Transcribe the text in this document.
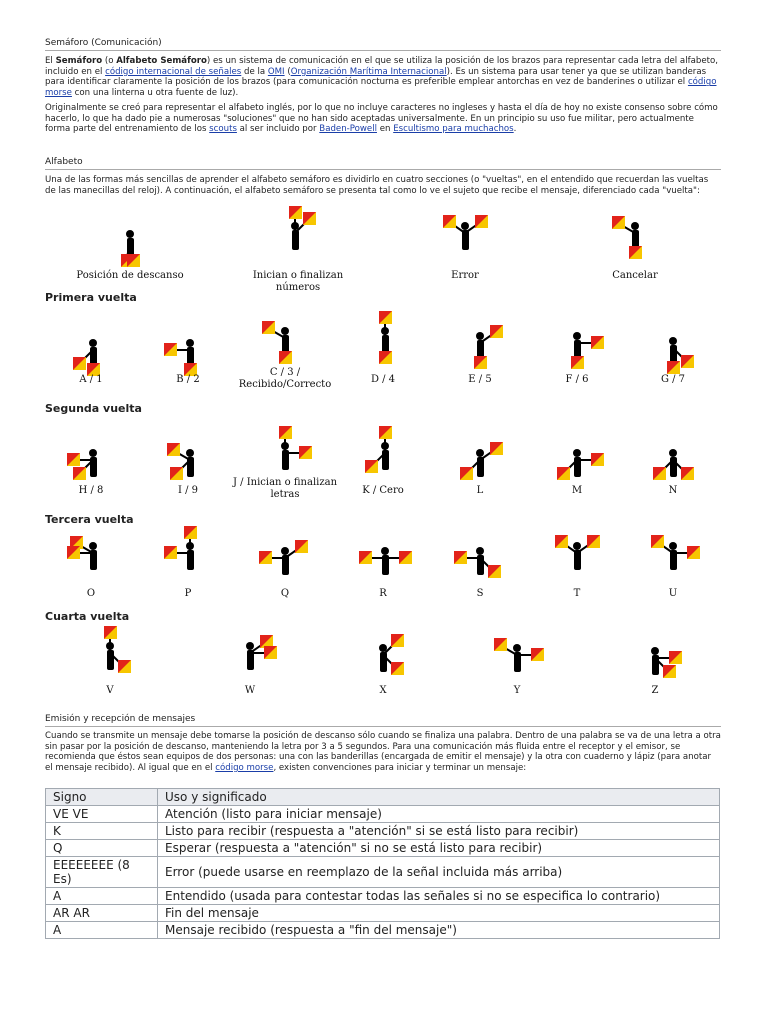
Semáforo (Comunicación)
El Semáforo (o Alfabeto Semáforo) es un sistema de comunicación en el que se utiliza la posición de los brazos para representar cada letra del alfabeto, incluido en el código internacional de señales de la OMI (Organización Marítima Internacional). Es un sistema para usar tener ya que se utilizan banderas para identificar claramente la posición de los brazos (para comunicación nocturna es preferible emplear antorchas en vez de banderines o utilizar el código morse con una linterna u otra fuente de luz).
Originalmente se creó para representar el alfabeto inglés, por lo que no incluye caracteres no ingleses y hasta el día de hoy no existe consenso sobre cómo hacerlo, lo que ha dado pie a numerosas "soluciones" que no han sido aceptadas universalmente. En un principio su uso fue militar, pero actualmente forma parte del entrenamiento de los scouts al ser incluido por Baden-Powell en Escultismo para muchachos.
Alfabeto
Una de las formas más sencillas de aprender el alfabeto semáforo es dividirlo en cuatro secciones (o "vueltas", en el entendido que recuerdan las vueltas de las manecillas del reloj). A continuación, el alfabeto semáforo se presenta tal como lo ve el sujeto que recibe el mensaje, diferenciado cada "vuelta":
Posición de descanso	Inician o finalizan números
Error	Cancelar
A / 1	B / 2
C / 3 / Recibido/Correcto	D / 4	E / 5	F / 6	G / 7
H / 8	I / 9
J / Inician o finalizan letras	K / Cero	L	M	N
O	P	Q	R	S	T	U
V	W	X	Y	Z
Primera vuelta
Segunda vuelta
Tercera vuelta
Cuarta vuelta
Emisión y recepción de mensajes
Cuando se transmite un mensaje debe tomarse la posición de descanso sólo cuando se finaliza una palabra. Dentro de una palabra se va de una letra a otra sin pasar por la posición de descanso, manteniendo la letra por 3 a 5 segundos. Para una comunicación más fluida entre el receptor y el emisor, se recomienda que éstos sean equipos de dos personas: una con las banderillas (encargada de emitir el mensaje) y la otra con cuaderno y lápiz (para anotar el mensaje recibido). Al igual que en el código morse, existen convenciones para iniciar y terminar un mensaje:
Signo	Uso y significado
VE VE	Atención (listo para iniciar mensaje)
K	Listo para recibir (respuesta a "atención" si se está listo para recibir)
Q	Esperar (respuesta a "atención" si no se está listo para recibir)
EEEEEEEE (8 Es)	Error (puede usarse en reemplazo de la señal incluida más arriba)
A	Entendido (usada para contestar todas las señales si no se especifica lo contrario)
AR AR	Fin del mensaje
A	Mensaje recibido (respuesta a "fin del mensaje")
